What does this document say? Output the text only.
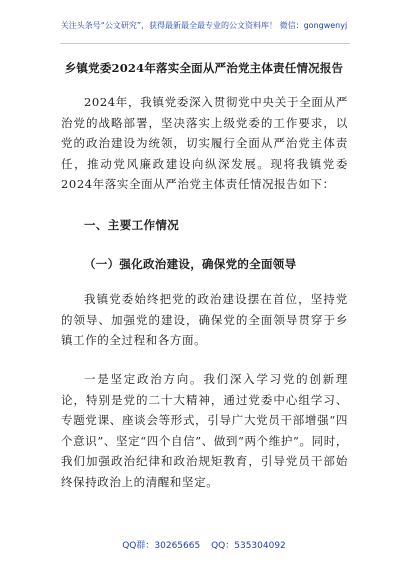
关注头条号“公文研究”，获得最新最全最专业的公文资料库！ 微信：gongwenyj
乡镇党委2024年落实全面从严治党主体责任情况报告
2024年，我镇党委深入贯彻党中央关于全面从严治党的战略部署，坚决落实上级党委的工作要求，以党的政治建设为统领，切实履行全面从严治党主体责任，推动党风廉政建设向纵深发展。现将我镇党委2024年落实全面从严治党主体责任情况报告如下：
一、主要工作情况
（一）强化政治建设，确保党的全面领导
我镇党委始终把党的政治建设摆在首位，坚持党的领导、加强党的建设，确保党的全面领导贯穿于乡镇工作的全过程和各方面。
一是坚定政治方向。我们深入学习党的创新理论，特别是党的二十大精神，通过党委中心组学习、专题党课、座谈会等形式，引导广大党员干部增强“四个意识”、坚定“四个自信”、做到“两个维护”。同时，我们加强政治纪律和政治规矩教育，引导党员干部始终保持政治上的清醒和坚定。
QQ群：30265665 QQ：535304092
